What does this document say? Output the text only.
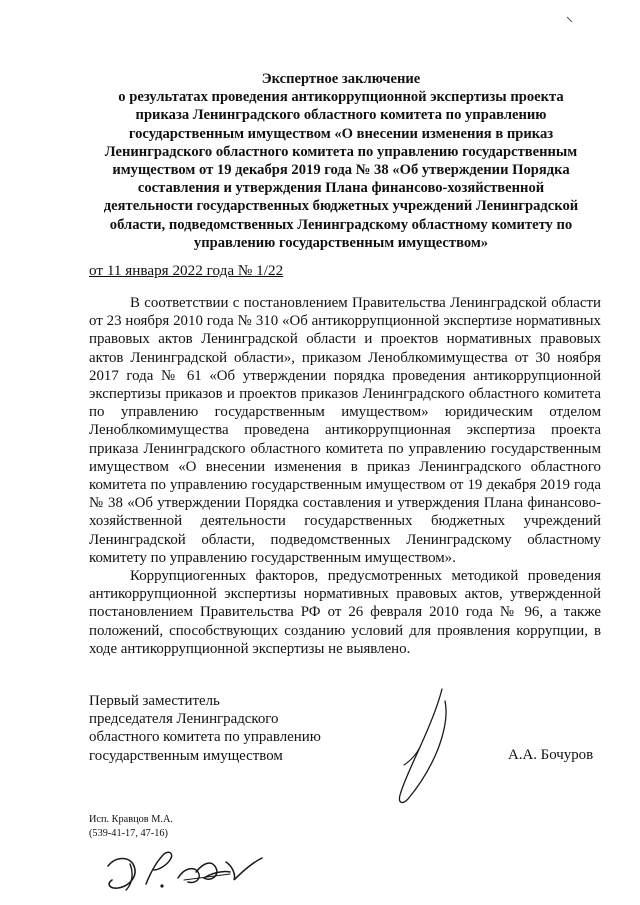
Экспертное заключение
о результатах проведения антикоррупционной экспертизы проекта
приказа Ленинградского областного комитета по управлению
государственным имуществом «О внесении изменения в приказ
Ленинградского областного комитета по управлению государственным
имуществом от 19 декабря 2019 года № 38 «Об утверждении Порядка
составления и утверждения Плана финансово-хозяйственной
деятельности государственных бюджетных учреждений Ленинградской
области, подведомственных Ленинградскому областному комитету по
управлению государственным имуществом»
от 11 января 2022 года № 1/22

В соответствии с постановлением Правительства Ленинградской области от 23 ноября 2010 года № 310 «Об антикоррупционной экспертизе нормативных правовых актов Ленинградской области и проектов нормативных правовых актов Ленинградской области», приказом Леноблкомимущества от 30 ноября 2017 года № 61 «Об утверждении порядка проведения антикоррупционной экспертизы приказов и проектов приказов Ленинградского областного комитета по управлению государственным имуществом» юридическим отделом Леноблкомимущества проведена антикоррупционная экспертиза проекта приказа Ленинградского областного комитета по управлению государственным имуществом «О внесении изменения в приказ Ленинградского областного комитета по управлению государственным имуществом от 19 декабря 2019 года № 38 «Об утверждении Порядка составления и утверждения Плана финансово-хозяйственной деятельности государственных бюджетных учреждений Ленинградской области, подведомственных Ленинградскому областному комитету по управлению государственным имуществом».

Коррупциогенных факторов, предусмотренных методикой проведения антикоррупционной экспертизы нормативных правовых актов, утвержденной постановлением Правительства РФ от 26 февраля 2010 года № 96, а также положений, способствующих созданию условий для проявления коррупции, в ходе антикоррупционной экспертизы не выявлено.

Первый заместитель
председателя Ленинградского
областного комитета по управлению
государственным имуществом	А.А. Бочуров
Исп. Кравцов М.А.
(539-41-17, 47-16)
